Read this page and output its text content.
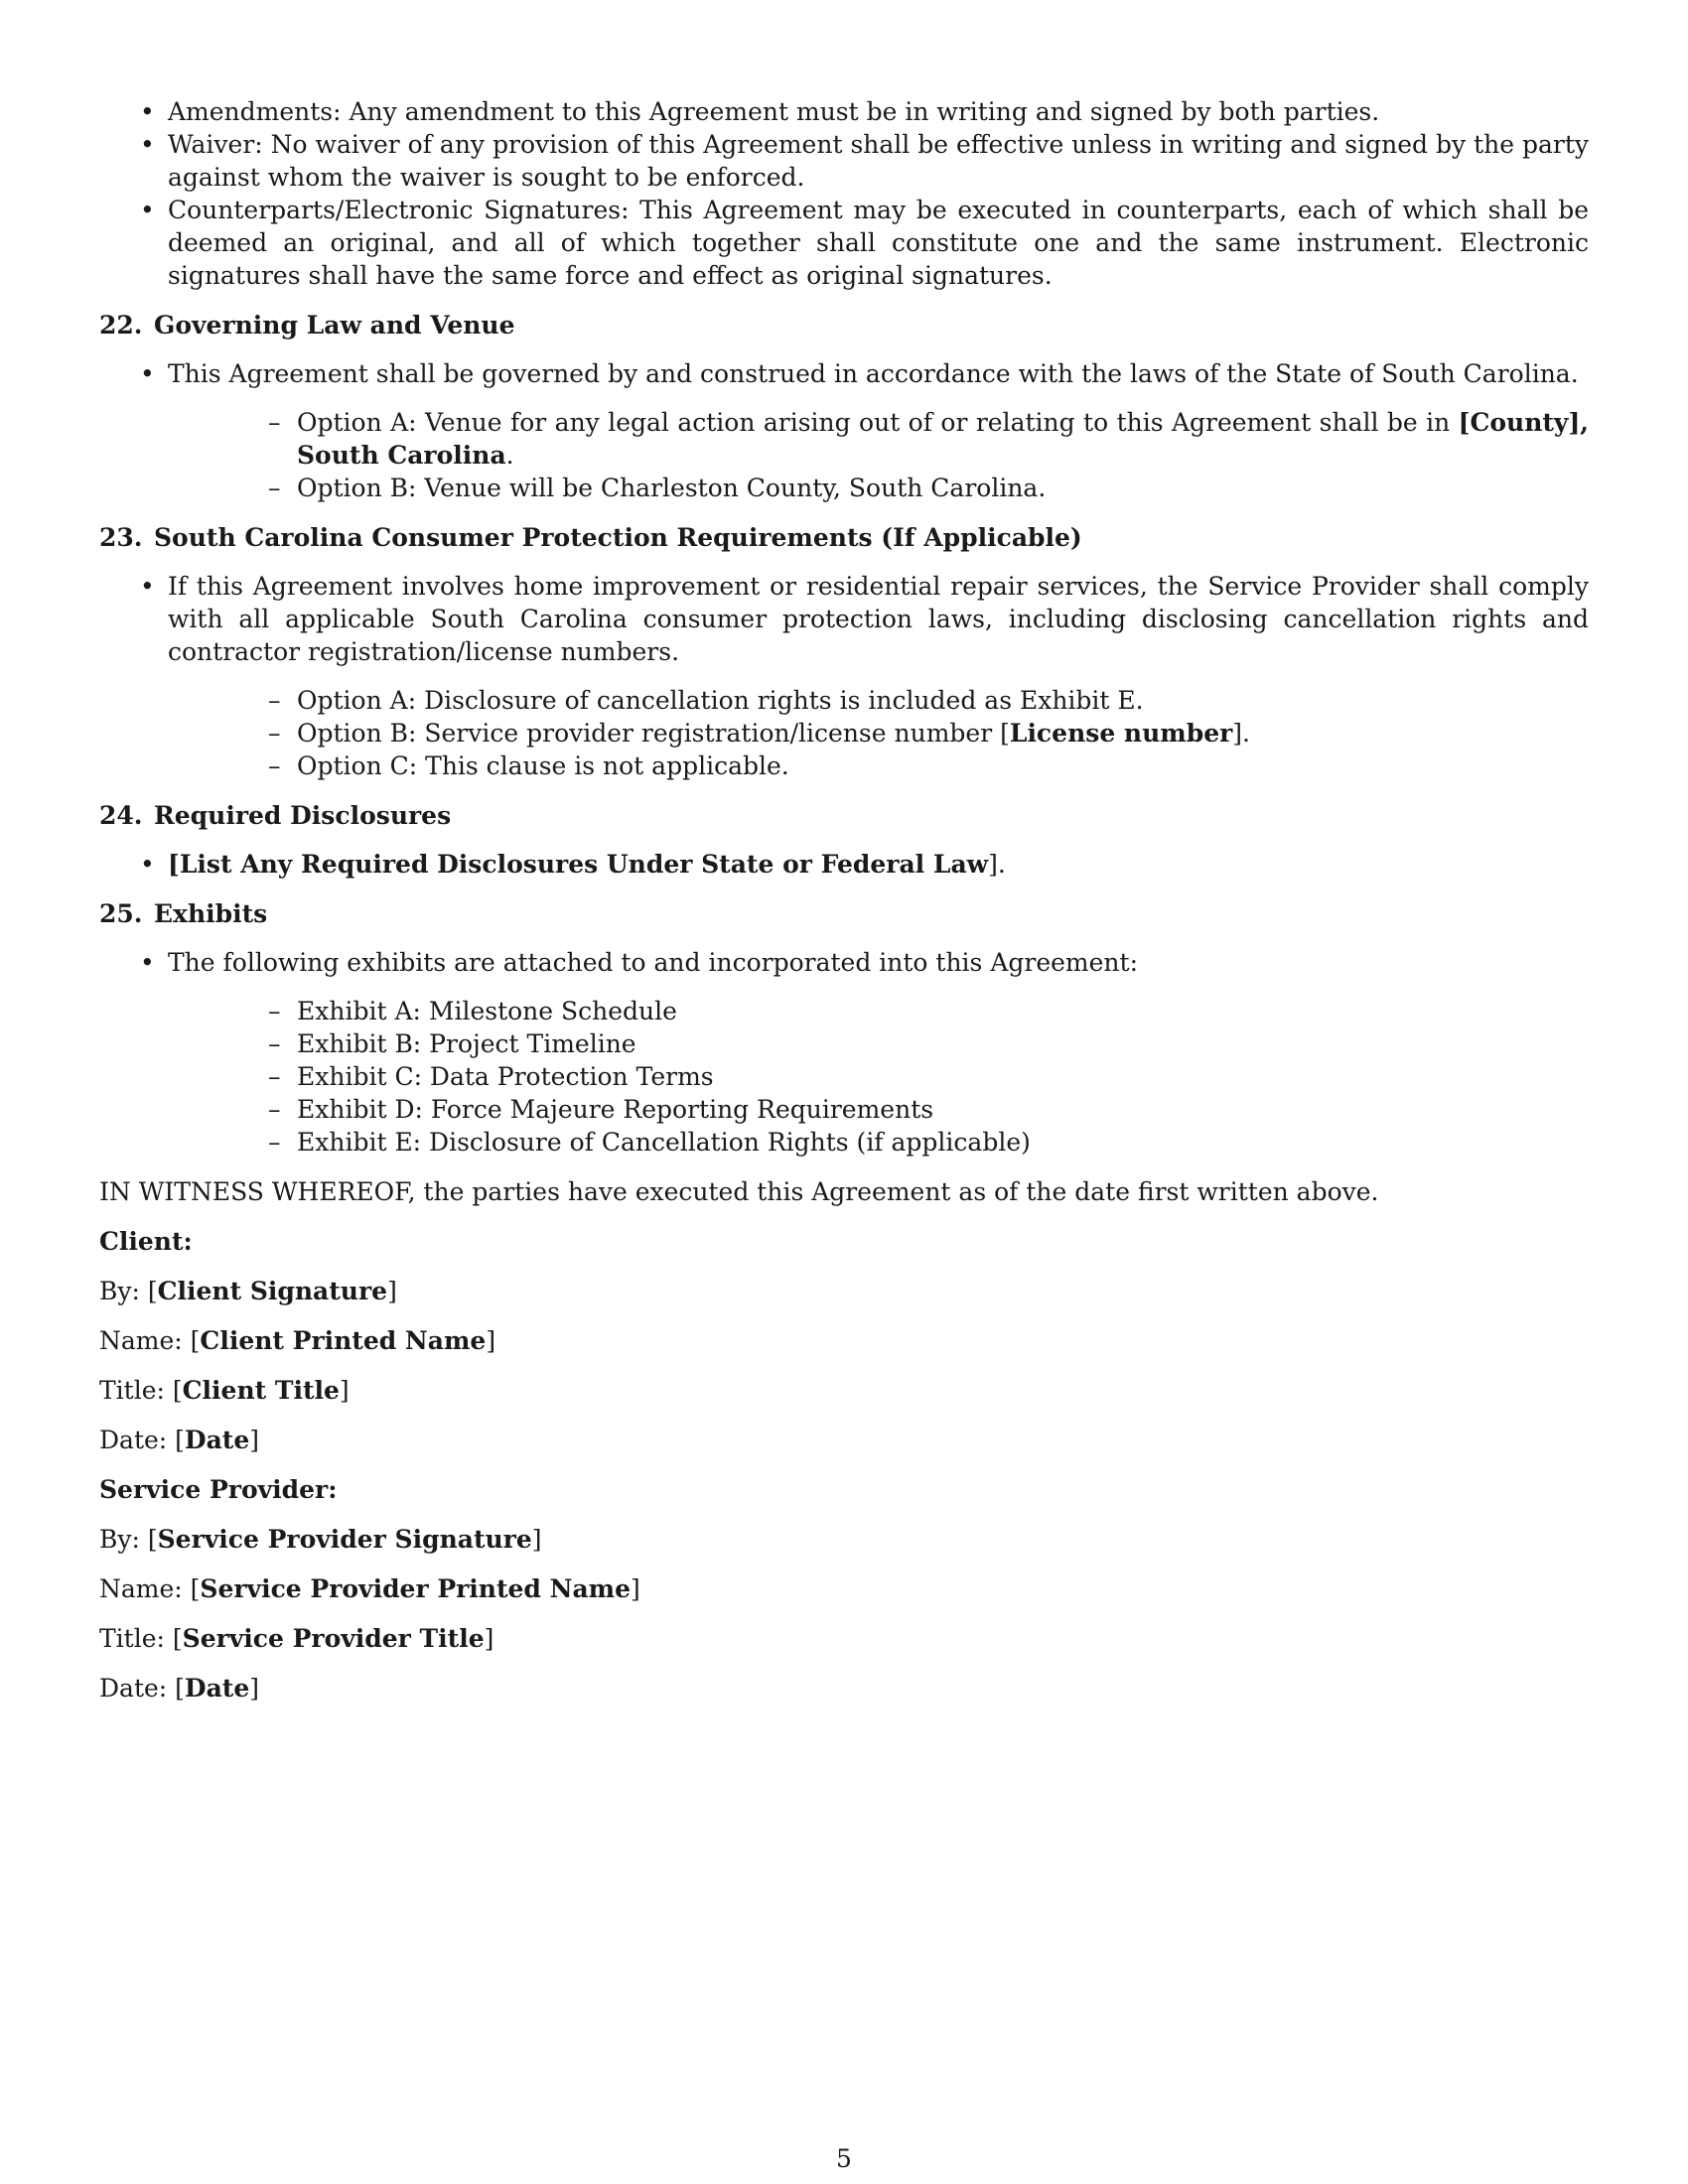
• Amendments: Any amendment to this Agreement must be in writing and signed by both parties.
• Waiver: No waiver of any provision of this Agreement shall be effective unless in writing and signed by the party against whom the waiver is sought to be enforced.
• Counterparts/Electronic Signatures: This Agreement may be executed in counterparts, each of which shall be deemed an original, and all of which together shall constitute one and the same instrument. Electronic signatures shall have the same force and effect as original signatures.
22. Governing Law and Venue
• This Agreement shall be governed by and construed in accordance with the laws of the State of South Carolina.
– Option A: Venue for any legal action arising out of or relating to this Agreement shall be in [County], South Carolina.
– Option B: Venue will be Charleston County, South Carolina.
23. South Carolina Consumer Protection Requirements (If Applicable)
• If this Agreement involves home improvement or residential repair services, the Service Provider shall comply with all applicable South Carolina consumer protection laws, including disclosing cancellation rights and contractor registration/license numbers.
– Option A: Disclosure of cancellation rights is included as Exhibit E.
– Option B: Service provider registration/license number [License number].
– Option C: This clause is not applicable.
24. Required Disclosures
• [List Any Required Disclosures Under State or Federal Law].
25. Exhibits
• The following exhibits are attached to and incorporated into this Agreement:
– Exhibit A: Milestone Schedule
– Exhibit B: Project Timeline
– Exhibit C: Data Protection Terms
– Exhibit D: Force Majeure Reporting Requirements
– Exhibit E: Disclosure of Cancellation Rights (if applicable)
IN WITNESS WHEREOF, the parties have executed this Agreement as of the date first written above.
Client:
By: [Client Signature]
Name: [Client Printed Name]
Title: [Client Title]
Date: [Date]
Service Provider:
By: [Service Provider Signature]
Name: [Service Provider Printed Name]
Title: [Service Provider Title]
Date: [Date]
5
